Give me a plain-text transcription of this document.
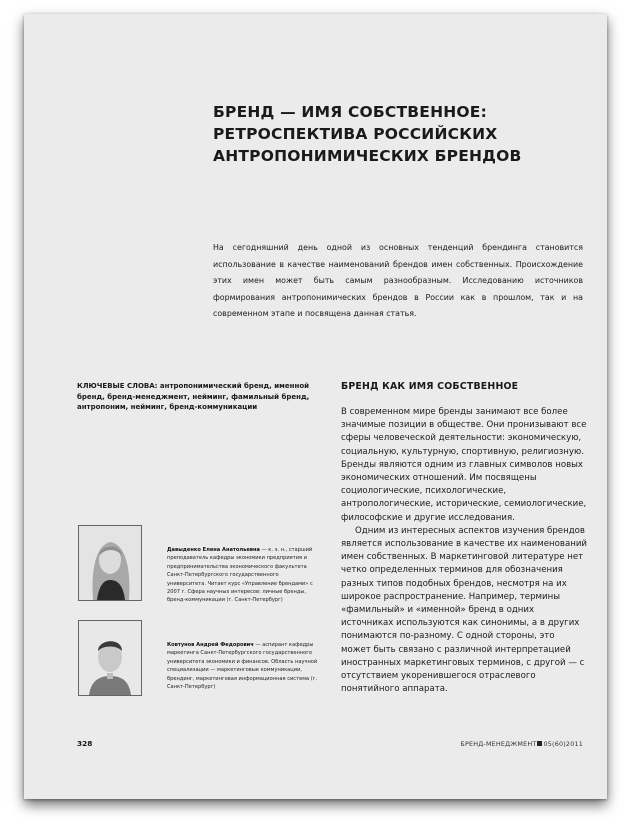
БРЕНД — ИМЯ СОБСТВЕННОЕ: РЕТРОСПЕКТИВА РОССИЙСКИХ АНТРОПОНИМИЧЕСКИХ БРЕНДОВ

На сегодняшний день одной из основных тенденций брендинга становится использование в качестве наименований брендов имен собственных. Происхождение этих имен может быть самым разнообразным. Исследованию источников формирования антропонимических брендов в России как в прошлом, так и на современном этапе и посвящена данная статья.

КЛЮЧЕВЫЕ СЛОВА: антропонимический бренд, именной бренд, бренд-менеджмент, нейминг, фамильный бренд, антропоним, нейминг, бренд-коммуникации

БРЕНД КАК ИМЯ СОБСТВЕННОЕ

В современном мире бренды занимают все более значимые позиции в обществе. Они пронизывают все сферы человеческой деятельности: экономическую, социальную, культурную, спортивную, религиозную. Бренды являются одним из главных символов новых экономических отношений. Им посвящены социологические, психологические, антропологические, исторические, семиологические, философские и другие исследования.

Одним из интересных аспектов изучения брендов является использование в качестве их наименований имен собственных. В маркетинговой литературе нет четко определенных терминов для обозначения разных типов подобных брендов, несмотря на их широкое распространение. Например, термины «фамильный» и «именной» бренд в одних источниках используются как синонимы, а в других понимаются по-разному. С одной стороны, это может быть связано с различной интерпретацией иностранных маркетинговых терминов, с другой — с отсутствием укоренившегося отраслевого понятийного аппарата.

Давыденко Елена Анатольевна — к. э. н., старший преподаватель кафедры экономики предприятия и предпринимательства экономического факультета Санкт-Петербургского государственного университета. Читает курс «Управление брендами» с 2007 г. Сфера научных интересов: личные бренды, бренд-коммуникации (г. Санкт-Петербург)

Ковтунов Андрей Федорович — аспирант кафедры маркетинга Санкт-Петербургского государственного университета экономики и финансов. Область научной специализации — маркетинговые коммуникации, брендинг, маркетинговая информационная система (г. Санкт-Петербург)

328	БРЕНД-МЕНЕДЖМЕНТ 05(60)2011
